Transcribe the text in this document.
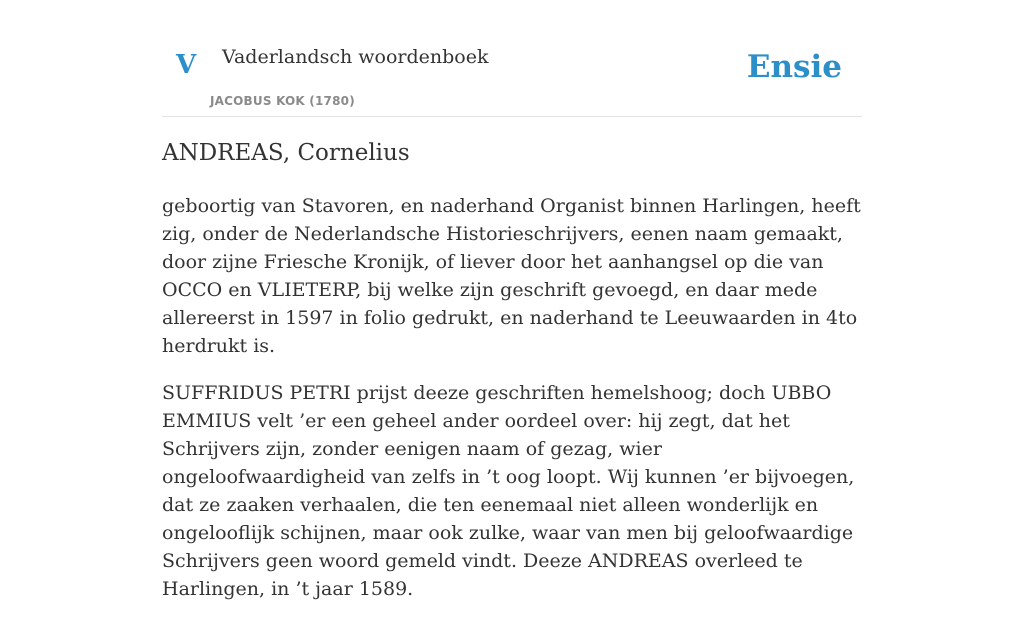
V Vaderlandsch woordenboek
JACOBUS KOK (1780)
Ensie
ANDREAS, Cornelius

geboortig van Stavoren, en naderhand Organist binnen Harlingen, heeft zig, onder de Nederlandsche Historieschrijvers, eenen naam gemaakt, door zijne Friesche Kronijk, of liever door het aanhangsel op die van OCCO en VLIETERP, bij welke zijn geschrift gevoegd, en daar mede allereerst in 1597 in folio gedrukt, en naderhand te Leeuwaarden in 4to herdrukt is.

SUFFRIDUS PETRI prijst deeze geschriften hemelshoog; doch UBBO EMMIUS velt ’er een geheel ander oordeel over: hij zegt, dat het Schrijvers zijn, zonder eenigen naam of gezag, wier ongeloofwaardigheid van zelfs in ’t oog loopt. Wij kunnen ’er bijvoegen, dat ze zaaken verhaalen, die ten eenemaal niet alleen wonderlijk en ongelooflijk schijnen, maar ook zulke, waar van men bij geloofwaardige Schrijvers geen woord gemeld vindt. Deeze ANDREAS overleed te Harlingen, in ’t jaar 1589.
